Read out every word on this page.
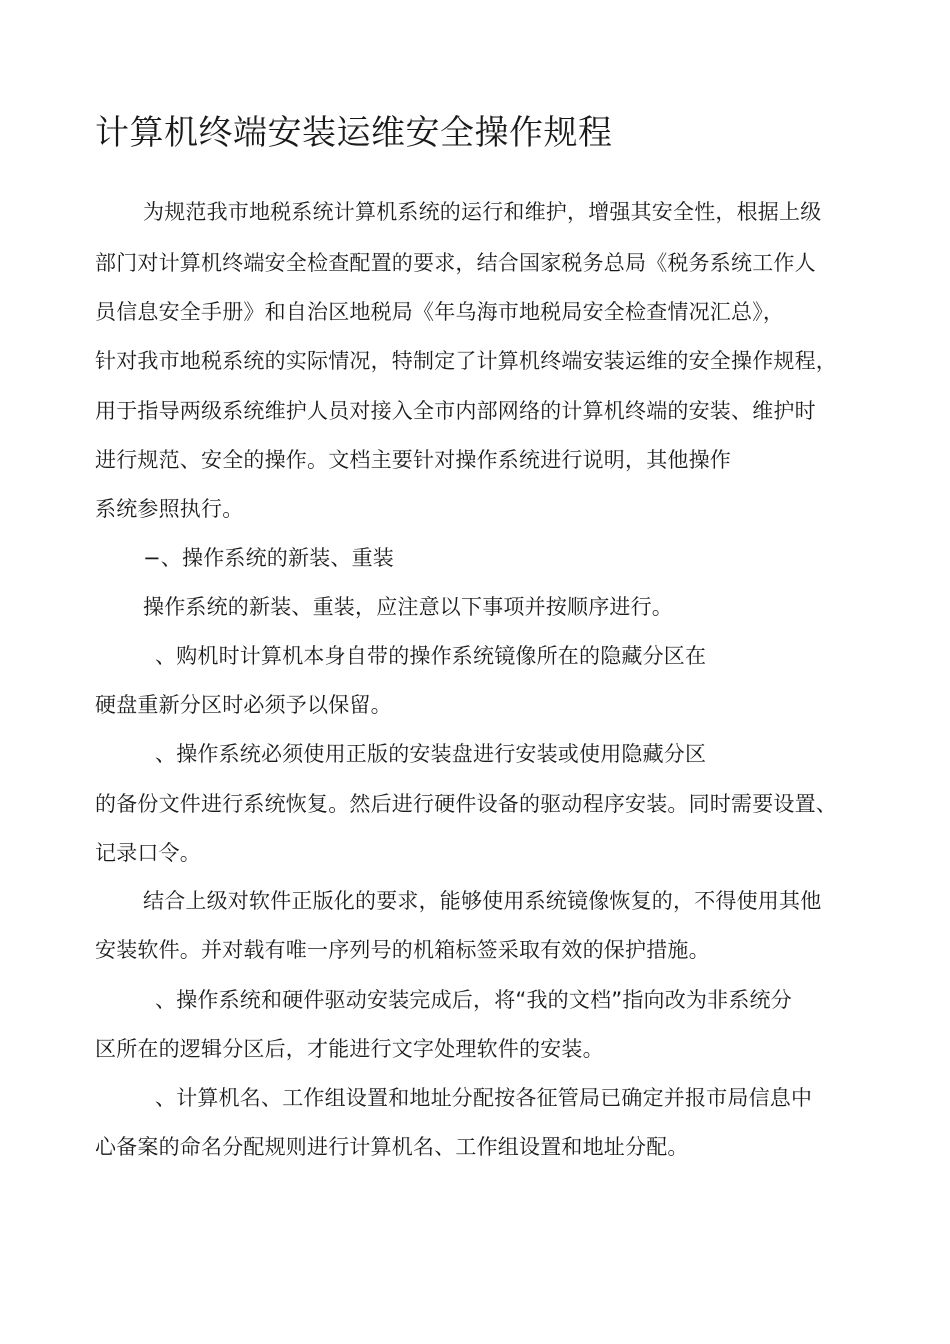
计算机终端安装运维安全操作规程
为规范我市地税系统计算机系统的运行和维护，增强其安全性，根据上级
部门对计算机终端安全检查配置的要求，结合国家税务总局《税务系统工作人
员信息安全手册》和自治区地税局《年乌海市地税局安全检查情况汇总》，
针对我市地税系统的实际情况，特制定了计算机终端安装运维的安全操作规程，
用于指导两级系统维护人员对接入全市内部网络的计算机终端的安装、维护时
进行规范、安全的操作。文档主要针对操作系统进行说明，其他操作
系统参照执行。
−、操作系统的新装、重装
操作系统的新装、重装，应注意以下事项并按顺序进行。
、购机时计算机本身自带的操作系统镜像所在的隐藏分区在
硬盘重新分区时必须予以保留。
、操作系统必须使用正版的安装盘进行安装或使用隐藏分区
的备份文件进行系统恢复。然后进行硬件设备的驱动程序安装。同时需要设置、
记录口令。
结合上级对软件正版化的要求，能够使用系统镜像恢复的，不得使用其他
安装软件。并对载有唯一序列号的机箱标签采取有效的保护措施。
、操作系统和硬件驱动安装完成后，将“我的文档”指向改为非系统分
区所在的逻辑分区后，才能进行文字处理软件的安装。
、计算机名、工作组设置和地址分配按各征管局已确定并报市局信息中
心备案的命名分配规则进行计算机名、工作组设置和地址分配。
